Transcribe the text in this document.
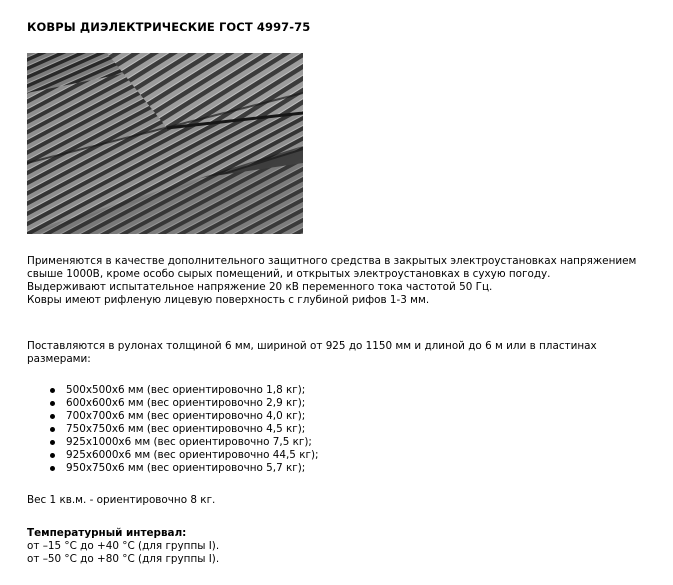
КОВРЫ ДИЭЛЕКТРИЧЕСКИЕ ГОСТ 4997-75
Применяются в качестве дополнительного защитного средства в закрытых электроустановках напряжением свыше 1000В, кроме особо сырых помещений, и открытых электроустановках в сухую погоду.
Выдерживают испытательное напряжение 20 кВ переменного тока частотой 50 Гц.
Ковры имеют рифленую лицевую поверхность с глубиной рифов 1-3 мм.
Поставляются в рулонах толщиной 6 мм, шириной от 925 до 1150 мм и длиной до 6 м или в пластинах размерами:
500x500x6 мм (вес ориентировочно 1,8 кг);
600x600x6 мм (вес ориентировочно 2,9 кг);
700x700x6 мм (вес ориентировочно 4,0 кг);
750x750x6 мм (вес ориентировочно 4,5 кг);
925x1000x6 мм (вес ориентировочно 7,5 кг);
925x6000x6 мм (вес ориентировочно 44,5 кг);
950x750x6 мм (вес ориентировочно 5,7 кг);
Вес 1 кв.м. - ориентировочно 8 кг.
Температурный интервал:
от –15 °С до +40 °С (для группы I).
от –50 °С до +80 °С (для группы I).
